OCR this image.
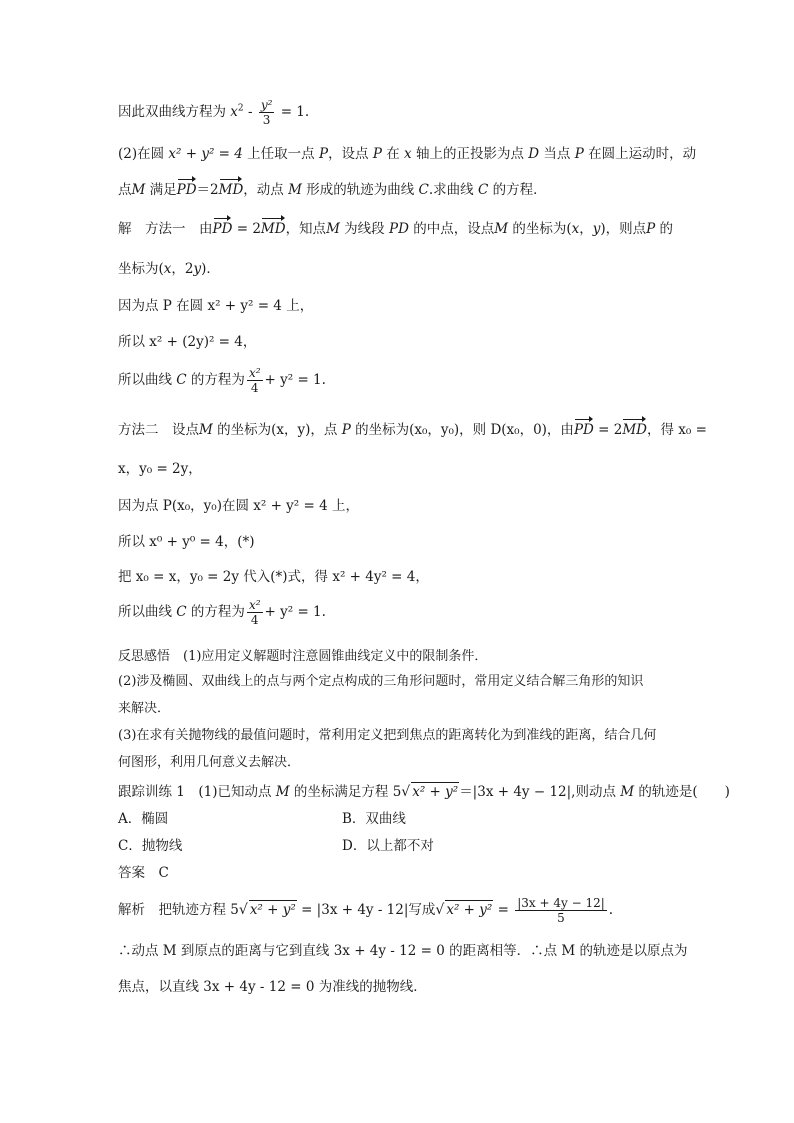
因此双曲线方程为 $x^2 - \frac{\text{y²}}{3} = 1$.
(2)在圆 x² + y² = 4 上任取一点 P，设点 P 在 x 轴上的正投影为点 D 当点 P 在圆上运动时，动
点M 满足PD＝2MD，动点 M 形成的轨迹为曲线 C.求曲线 C 的方程．
解　方法一　由PD = 2MD，知点M 为线段 PD 的中点，设点M 的坐标为(x，y)，则点P 的
坐标为(x，2y)．
因为点 P 在圆 x² + y² = 4 上，
所以 x² + (2y)² = 4，
所以曲线 C 的方程为 $\frac{\text{x²}}{4} + y^2 = 1$.
方法二　设点M 的坐标为(x，y)，点 P 的坐标为(x₀，y₀)，则 D(x₀，0)，由PD = 2MD，得 x₀ =
x，y₀ = 2y，
因为点 P(x₀，y₀)在圆 x² + y² = 4 上，
所以 x⁰ + y⁰ = 4，(*)
把 x₀ = x，y₀ = 2y 代入(*)式，得 x² + 4y² = 4，
所以曲线 C 的方程为 $\frac{\text{x²}}{4} + y^2 = 1$.
反思感悟　(1)应用定义解题时注意圆锥曲线定义中的限制条件．
(2)涉及椭圆、双曲线上的点与两个定点构成的三角形问题时，常用定义结合解三角形的知识
来解决．
(3)在求有关抛物线的最值问题时，常利用定义把到焦点的距离转化为到准线的距离，结合几何
何图形，利用几何意义去解决．
跟踪训练 1　(1)已知动点 M 的坐标满足方程 5√ x² + y²＝|3x + 4y − 12|,则动点 M 的轨迹是(　　)
A．椭圆	B．双曲线
C．抛物线	D．以上都不对
答案　C
解析　把轨迹方程 5√ x² + y² = |3x + 4y - 12|写成√ $x^2 + y^2 = \frac{|3x + 4y - 12|}{5}$ .
∴动点 M 到原点的距离与它到直线 3x + 4y - 12 = 0 的距离相等．∴点 M 的轨迹是以原点为
焦点，以直线 3x + 4y - 12 = 0 为准线的抛物线．
